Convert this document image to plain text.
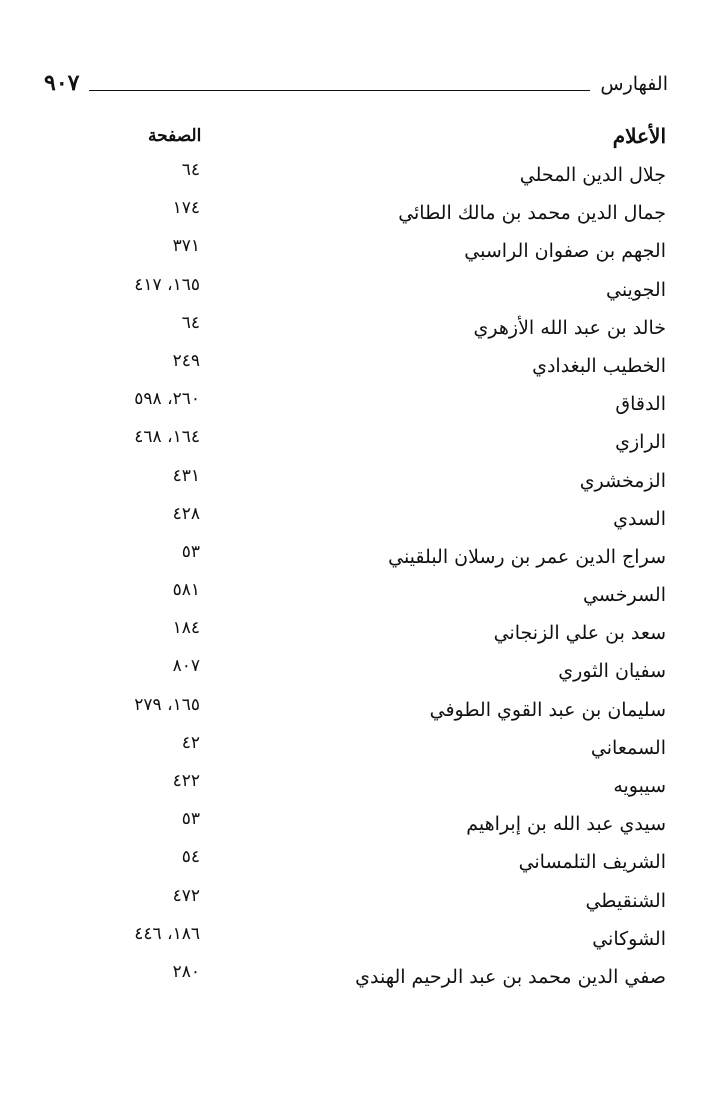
الفهارس
٩٠٧
الأعلام
الصفحة
جلال الدين المحلي
٦٤
جمال الدين محمد بن مالك الطائي
١٧٤
الجهم بن صفوان الراسبي
٣٧١
الجويني
١٦٥، ٤١٧
خالد بن عبد الله الأزهري
٦٤
الخطيب البغدادي
٢٤٩
الدقاق
٢٦٠، ٥٩٨
الرازي
١٦٤، ٤٦٨
الزمخشري
٤٣١
السدي
٤٢٨
سراج الدين عمر بن رسلان البلقيني
٥٣
السرخسي
٥٨١
سعد بن علي الزنجاني
١٨٤
سفيان الثوري
٨٠٧
سليمان بن عبد القوي الطوفي
١٦٥، ٢٧٩
السمعاني
٤٢
سيبويه
٤٢٢
سيدي عبد الله بن إبراهيم
٥٣
الشريف التلمساني
٥٤
الشنقيطي
٤٧٢
الشوكاني
١٨٦، ٤٤٦
صفي الدين محمد بن عبد الرحيم الهندي
٢٨٠
